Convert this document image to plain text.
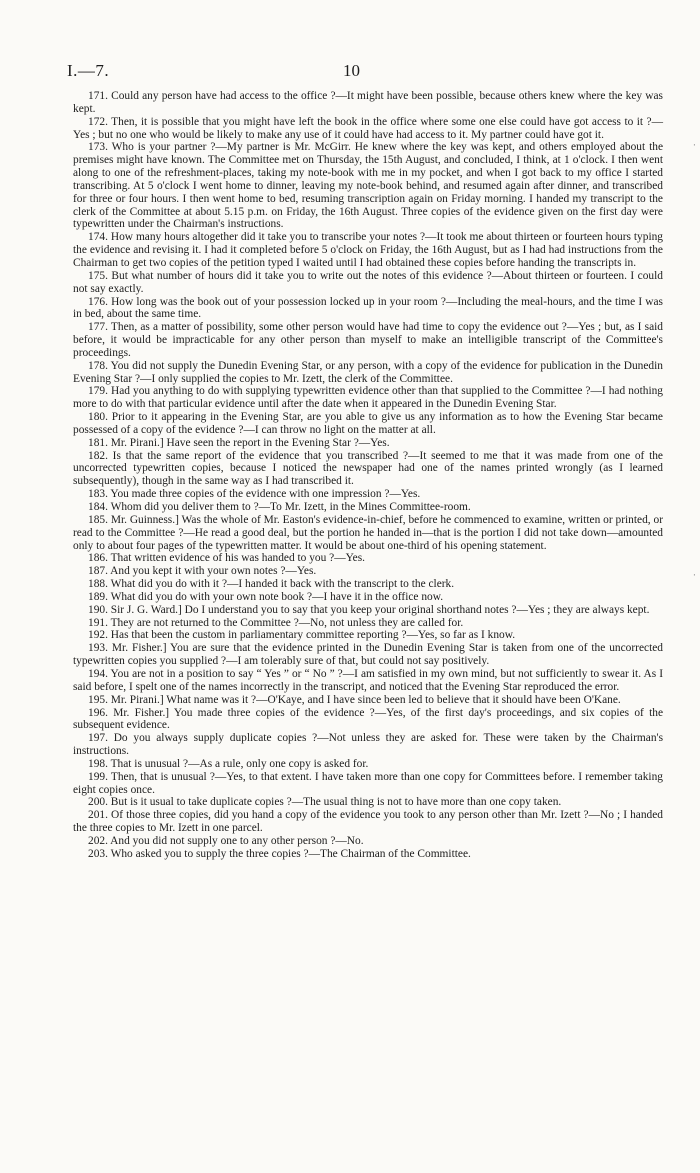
I.—7.	10

171. Could any person have had access to the office ?—It might have been possible, because others knew where the key was kept.

172. Then, it is possible that you might have left the book in the office where some one else could have got access to it ?—Yes ; but no one who would be likely to make any use of it could have had access to it. My partner could have got it.

173. Who is your partner ?—My partner is Mr. McGirr. He knew where the key was kept, and others employed about the premises might have known. The Committee met on Thursday, the 15th August, and concluded, I think, at 1 o'clock. I then went along to one of the refreshment-places, taking my note-book with me in my pocket, and when I got back to my office I started transcribing. At 5 o'clock I went home to dinner, leaving my note-book behind, and resumed again after dinner, and transcribed for three or four hours. I then went home to bed, resuming transcription again on Friday morning. I handed my transcript to the clerk of the Committee at about 5.15 p.m. on Friday, the 16th August. Three copies of the evidence given on the first day were typewritten under the Chairman's instructions.

174. How many hours altogether did it take you to transcribe your notes ?—It took me about thirteen or fourteen hours typing the evidence and revising it. I had it completed before 5 o'clock on Friday, the 16th August, but as I had had instructions from the Chairman to get two copies of the petition typed I waited until I had obtained these copies before handing the transcripts in.

175. But what number of hours did it take you to write out the notes of this evidence ?—About thirteen or fourteen. I could not say exactly.

176. How long was the book out of your possession locked up in your room ?—Including the meal-hours, and the time I was in bed, about the same time.

177. Then, as a matter of possibility, some other person would have had time to copy the evidence out ?—Yes ; but, as I said before, it would be impracticable for any other person than myself to make an intelligible transcript of the Committee's proceedings.

178. You did not supply the Dunedin Evening Star, or any person, with a copy of the evidence for publication in the Dunedin Evening Star ?—I only supplied the copies to Mr. Izett, the clerk of the Committee.

179. Had you anything to do with supplying typewritten evidence other than that supplied to the Committee ?—I had nothing more to do with that particular evidence until after the date when it appeared in the Dunedin Evening Star.

180. Prior to it appearing in the Evening Star, are you able to give us any information as to how the Evening Star became possessed of a copy of the evidence ?—I can throw no light on the matter at all.

181. Mr. Pirani.] Have seen the report in the Evening Star ?—Yes.

182. Is that the same report of the evidence that you transcribed ?—It seemed to me that it was made from one of the uncorrected typewritten copies, because I noticed the newspaper had one of the names printed wrongly (as I learned subsequently), though in the same way as I had transcribed it.

183. You made three copies of the evidence with one impression ?—Yes.

184. Whom did you deliver them to ?—To Mr. Izett, in the Mines Committee-room.

185. Mr. Guinness.] Was the whole of Mr. Easton's evidence-in-chief, before he commenced to examine, written or printed, or read to the Committee ?—He read a good deal, but the portion he handed in—that is the portion I did not take down—amounted only to about four pages of the typewritten matter. It would be about one-third of his opening statement.

186. That written evidence of his was handed to you ?—Yes.

187. And you kept it with your own notes ?—Yes.

188. What did you do with it ?—I handed it back with the transcript to the clerk.

189. What did you do with your own note book ?—I have it in the office now.

190. Sir J. G. Ward.] Do I understand you to say that you keep your original shorthand notes ?—Yes ; they are always kept.

191. They are not returned to the Committee ?—No, not unless they are called for.

192. Has that been the custom in parliamentary committee reporting ?—Yes, so far as I know.

193. Mr. Fisher.] You are sure that the evidence printed in the Dunedin Evening Star is taken from one of the uncorrected typewritten copies you supplied ?—I am tolerably sure of that, but could not say positively.

194. You are not in a position to say “ Yes ” or “ No ” ?—I am satisfied in my own mind, but not sufficiently to swear it. As I said before, I spelt one of the names incorrectly in the transcript, and noticed that the Evening Star reproduced the error.

195. Mr. Pirani.] What name was it ?—O'Kaye, and I have since been led to believe that it should have been O'Kane.

196. Mr. Fisher.] You made three copies of the evidence ?—Yes, of the first day's proceedings, and six copies of the subsequent evidence.

197. Do you always supply duplicate copies ?—Not unless they are asked for. These were taken by the Chairman's instructions.

198. That is unusual ?—As a rule, only one copy is asked for.

199. Then, that is unusual ?—Yes, to that extent. I have taken more than one copy for Committees before. I remember taking eight copies once.

200. But is it usual to take duplicate copies ?—The usual thing is not to have more than one copy taken.

201. Of those three copies, did you hand a copy of the evidence you took to any person other than Mr. Izett ?—No ; I handed the three copies to Mr. Izett in one parcel.

202. And you did not supply one to any other person ?—No.

203. Who asked you to supply the three copies ?—The Chairman of the Committee.

⋅
⋅
